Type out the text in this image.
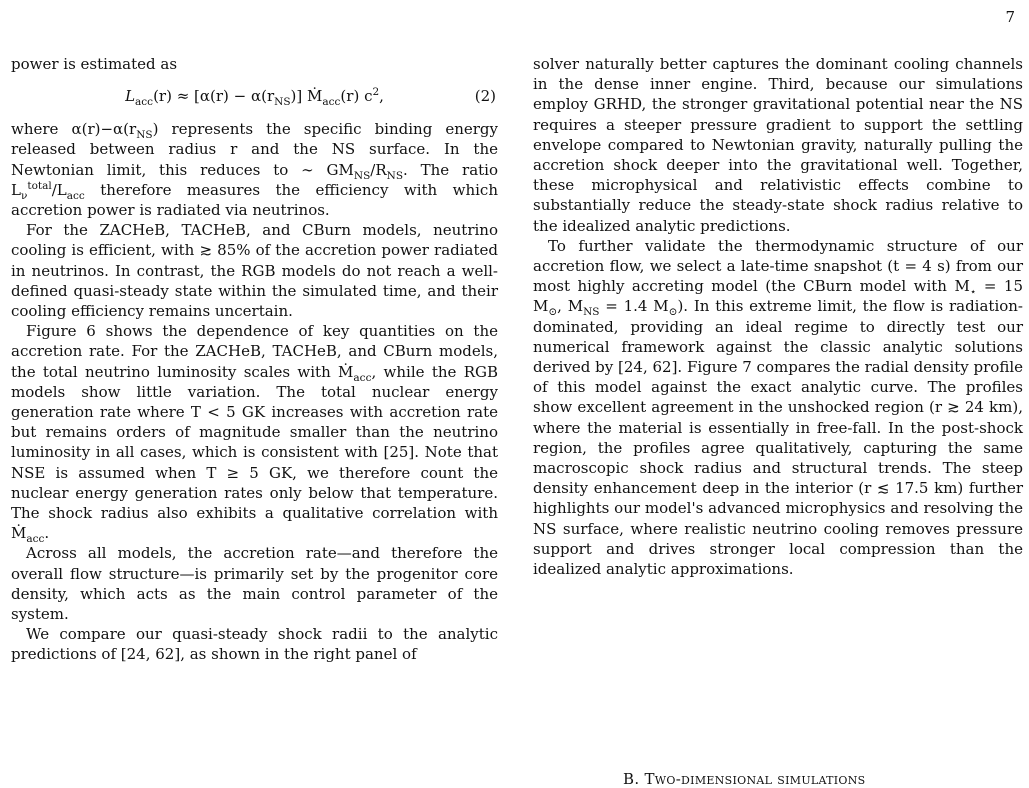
7

power is estimated as

$L_{acc}(r) \approx [\alpha(r) - \alpha(r_{NS})]$ Ṁ$_{acc}$(r) $c^2$,	(2)

where $\alpha(r)-\alpha(r_{NS})$ represents the specific binding energy released between radius r and the NS surface. In the Newtonian limit, this reduces to ∼ $GM_{NS}/R_{NS}$. The ratio $L_\nu^{total}/L_{acc}$ therefore measures the efficiency with which accretion power is radiated via neutrinos.

For the ZACHeB, TACHeB, and CBurn models, neutrino cooling is efficient, with ≳ 85% of the accretion power radiated in neutrinos. In contrast, the RGB models do not reach a well-defined quasi-steady state within the simulated time, and their cooling efficiency remains uncertain.

Figure 6 shows the dependence of key quantities on the accretion rate. For the ZACHeB, TACHeB, and CBurn models, the total neutrino luminosity scales with Ṁ$_{acc}$, while the RGB models show little variation. The total nuclear energy generation rate where T < 5 GK increases with accretion rate but remains orders of magnitude smaller than the neutrino luminosity in all cases, which is consistent with [25]. Note that NSE is assumed when T ≥ 5 GK, we therefore count the nuclear energy generation rates only below that temperature. The shock radius also exhibits a qualitative correlation with Ṁ$_{acc}$.

Across all models, the accretion rate—and therefore the overall flow structure—is primarily set by the progenitor core density, which acts as the main control parameter of the system.

We compare our quasi-steady shock radii to the analytic predictions of [24, 62], as shown in the right panel of

solver naturally better captures the dominant cooling channels in the dense inner engine. Third, because our simulations employ GRHD, the stronger gravitational potential near the NS requires a steeper pressure gradient to support the settling envelope compared to Newtonian gravity, naturally pulling the accretion shock deeper into the gravitational well. Together, these microphysical and relativistic effects combine to substantially reduce the steady-state shock radius relative to the idealized analytic predictions.

To further validate the thermodynamic structure of our accretion flow, we select a late-time snapshot (t = 4 s) from our most highly accreting model (the CBurn model with $M_⋆ = 15$ $M_⊙$, $M_{NS} = 1.4$ $M_⊙$). In this extreme limit, the flow is radiation-dominated, providing an ideal regime to directly test our numerical framework against the classic analytic solutions derived by [24, 62]. Figure 7 compares the radial density profile of this model against the exact analytic curve. The profiles show excellent agreement in the unshocked region (r ≳ 24 km), where the material is essentially in free-fall. In the post-shock region, the profiles agree qualitatively, capturing the same macroscopic shock radius and structural trends. The steep density enhancement deep in the interior (r ≲ 17.5 km) further highlights our model's advanced microphysics and resolving the NS surface, where realistic neutrino cooling removes pressure support and drives stronger local compression than the idealized analytic approximations.

B. Two-dimensional simulations
